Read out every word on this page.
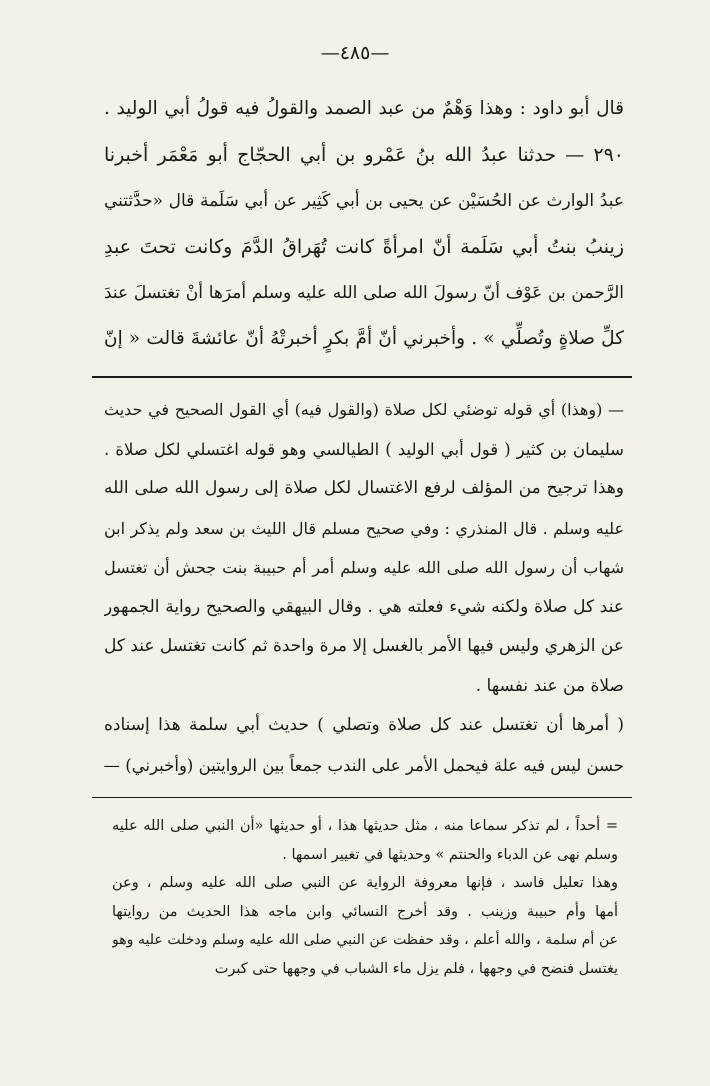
—٤٨٥—
قال أبو داود : وهذا وَهْمٌ من عبد الصمد والقولُ فيه قولُ أبي الوليد .
٢٩٠ — حدثنا عبدُ الله بنُ عَمْرو بن أبي الحجّاج أبو مَعْمَر أخبرنا
عبدُ الوارث عن الحُسَيْن عن يحيى بن أبي كَثِير عن أبي سَلَمة قال «حدَّثتني
زينبُ بنتُ أبي سَلَمة أنّ امرأةً كانت تُهَراقُ الدَّمَ وكانت تحتَ عبدِ
الرَّحمن بن عَوْف أنّ رسولَ الله صلى الله عليه وسلم أمرَها أنْ تغتسلَ عندَ
كلِّ صلاةٍ وتُصلِّي » . وأخبرني أنّ أمَّ بكرٍ أخبرتْهُ أنّ عائشةَ قالت « إنّ
— (وهذا) أي قوله توضئي لكل صلاة (والقول فيه) أي القول الصحيح في حديث
سليمان بن كثير ( قول أبي الوليد ) الطيالسي وهو قوله اغتسلي لكل صلاة .
وهذا ترجيح من المؤلف لرفع الاغتسال لكل صلاة إلى رسول الله صلى الله
عليه وسلم . قال المنذري : وفي صحيح مسلم قال الليث بن سعد ولم يذكر ابن
شهاب أن رسول الله صلى الله عليه وسلم أمر أم حبيبة بنت جحش أن تغتسل
عند كل صلاة ولكنه شيء فعلته هي . وقال البيهقي والصحيح رواية الجمهور
عن الزهري وليس فيها الأمر بالغسل إلا مرة واحدة ثم كانت تغتسل عند كل
صلاة من عند نفسها .
( أمرها أن تغتسل عند كل صلاة وتصلي ) حديث أبي سلمة هذا إسناده
حسن ليس فيه علة فيحمل الأمر على الندب جمعاً بين الروايتين (وأخبرني) —
= أحداً ، لم تذكر سماعا منه ، مثل حديثها هذا ، أو حديثها «أن النبي صلى الله عليه
وسلم نهى عن الدباء والحنتم » وحديثها في تغيير اسمها .
وهذا تعليل فاسد ، فإنها معروفة الرواية عن النبي صلى الله عليه وسلم ، وعن
أمها وأم حبيبة وزينب . وقد أخرج النسائي وابن ماجه هذا الحديث من روايتها
عن أم سلمة ، والله أعلم ، وقد حفظت عن النبي صلى الله عليه وسلم ودخلت عليه وهو
يغتسل فنضح في وجهها ، فلم يزل ماء الشباب في وجهها حتى كبرت
